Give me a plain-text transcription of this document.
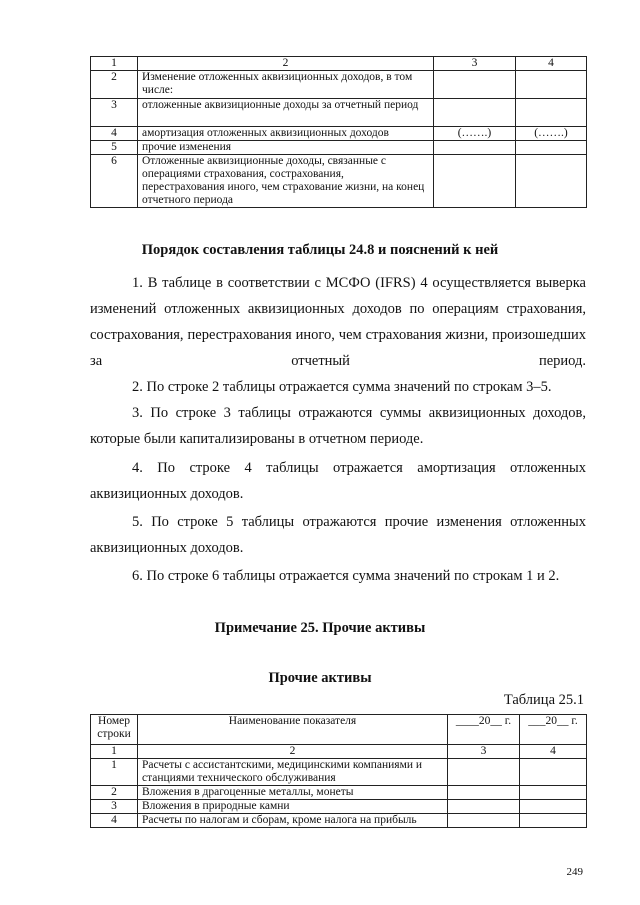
1	2	3	4
2	Изменение отложенных аквизиционных доходов, в том числе:		
3	отложенные аквизиционные доходы за отчетный период		
4	амортизация отложенных аквизиционных доходов	(…….)	(…….)
5	прочие изменения		
6	Отложенные аквизиционные доходы, связанные с операциями страхования, сострахования, перестрахования иного, чем страхование жизни, на конец отчетного периода		
Порядок составления таблицы 24.8 и пояснений к ней
1. В таблице в соответствии с МСФО (IFRS) 4 осуществляется выверка изменений отложенных аквизиционных доходов по операциям страхования, сострахования, перестрахования иного, чем страхования жизни, произошедших за отчетный период.
2. По строке 2 таблицы отражается сумма значений по строкам 3–5.
3. По строке 3 таблицы отражаются суммы аквизиционных доходов, которые были капитализированы в отчетном периоде.
4. По строке 4 таблицы отражается амортизация отложенных аквизиционных доходов.
5. По строке 5 таблицы отражаются прочие изменения отложенных аквизиционных доходов.
6. По строке 6 таблицы отражается сумма значений по строкам 1 и 2.
Примечание 25. Прочие активы
Прочие активы
Таблица 25.1
Номер строки	Наименование показателя	____20__ г.	___20__ г.
1	2	3	4
1	Расчеты с ассистантскими, медицинскими компаниями и станциями технического обслуживания		
2	Вложения в драгоценные металлы, монеты		
3	Вложения в природные камни		
4	Расчеты по налогам и сборам, кроме налога на прибыль		
249
